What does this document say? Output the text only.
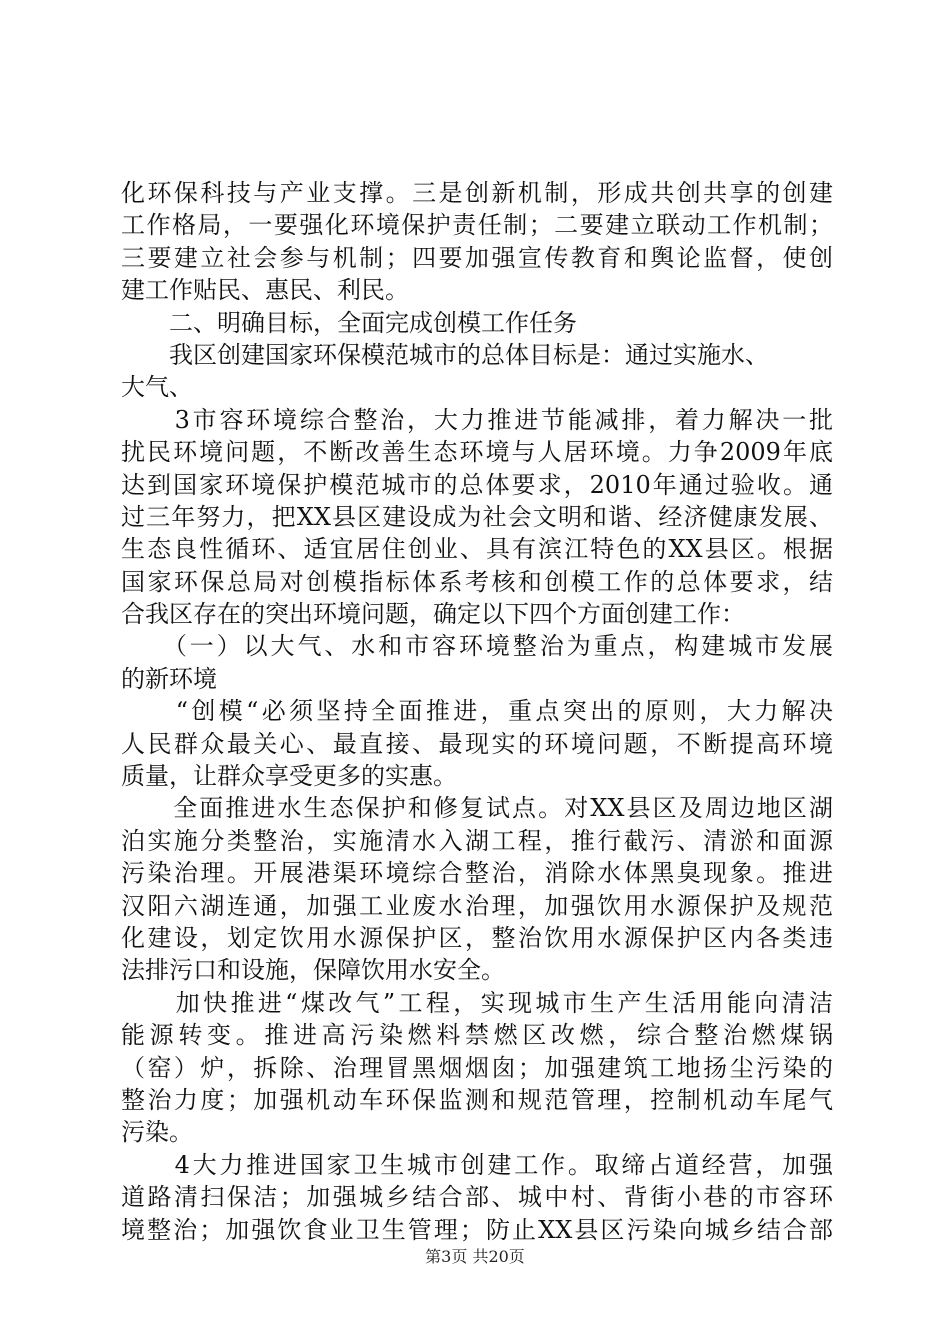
化环保科技与产业支撑。三是创新机制，形成共创共享的创建
工作格局，一要强化环境保护责任制；二要建立联动工作机制；
三要建立社会参与机制；四要加强宣传教育和舆论监督，使创
建工作贴民、惠民、利民。
　　二、明确目标，全面完成创模工作任务
　　我区创建国家环保模范城市的总体目标是：通过实施水、
大气、
　　3市容环境综合整治，大力推进节能减排，着力解决一批
扰民环境问题，不断改善生态环境与人居环境。力争2009年底
达到国家环境保护模范城市的总体要求，2010年通过验收。通
过三年努力，把XX县区建设成为社会文明和谐、经济健康发展、
生态良性循环、适宜居住创业、具有滨江特色的XX县区。根据
国家环保总局对创模指标体系考核和创模工作的总体要求，结
合我区存在的突出环境问题，确定以下四个方面创建工作：
　　（一）以大气、水和市容环境整治为重点，构建城市发展
的新环境
　　“创模“必须坚持全面推进，重点突出的原则，大力解决
人民群众最关心、最直接、最现实的环境问题，不断提高环境
质量，让群众享受更多的实惠。
　　全面推进水生态保护和修复试点。对XX县区及周边地区湖
泊实施分类整治，实施清水入湖工程，推行截污、清淤和面源
污染治理。开展港渠环境综合整治，消除水体黑臭现象。推进
汉阳六湖连通，加强工业废水治理，加强饮用水源保护及规范
化建设，划定饮用水源保护区，整治饮用水源保护区内各类违
法排污口和设施，保障饮用水安全。
　　加快推进“煤改气”工程，实现城市生产生活用能向清洁
能源转变。推进高污染燃料禁燃区改燃，综合整治燃煤锅
（窑）炉，拆除、治理冒黑烟烟囱；加强建筑工地扬尘污染的
整治力度；加强机动车环保监测和规范管理，控制机动车尾气
污染。
　　4大力推进国家卫生城市创建工作。取缔占道经营，加强
道路清扫保洁；加强城乡结合部、城中村、背街小巷的市容环
境整治；加强饮食业卫生管理；防止XX县区污染向城乡结合部
第3页 共20页
